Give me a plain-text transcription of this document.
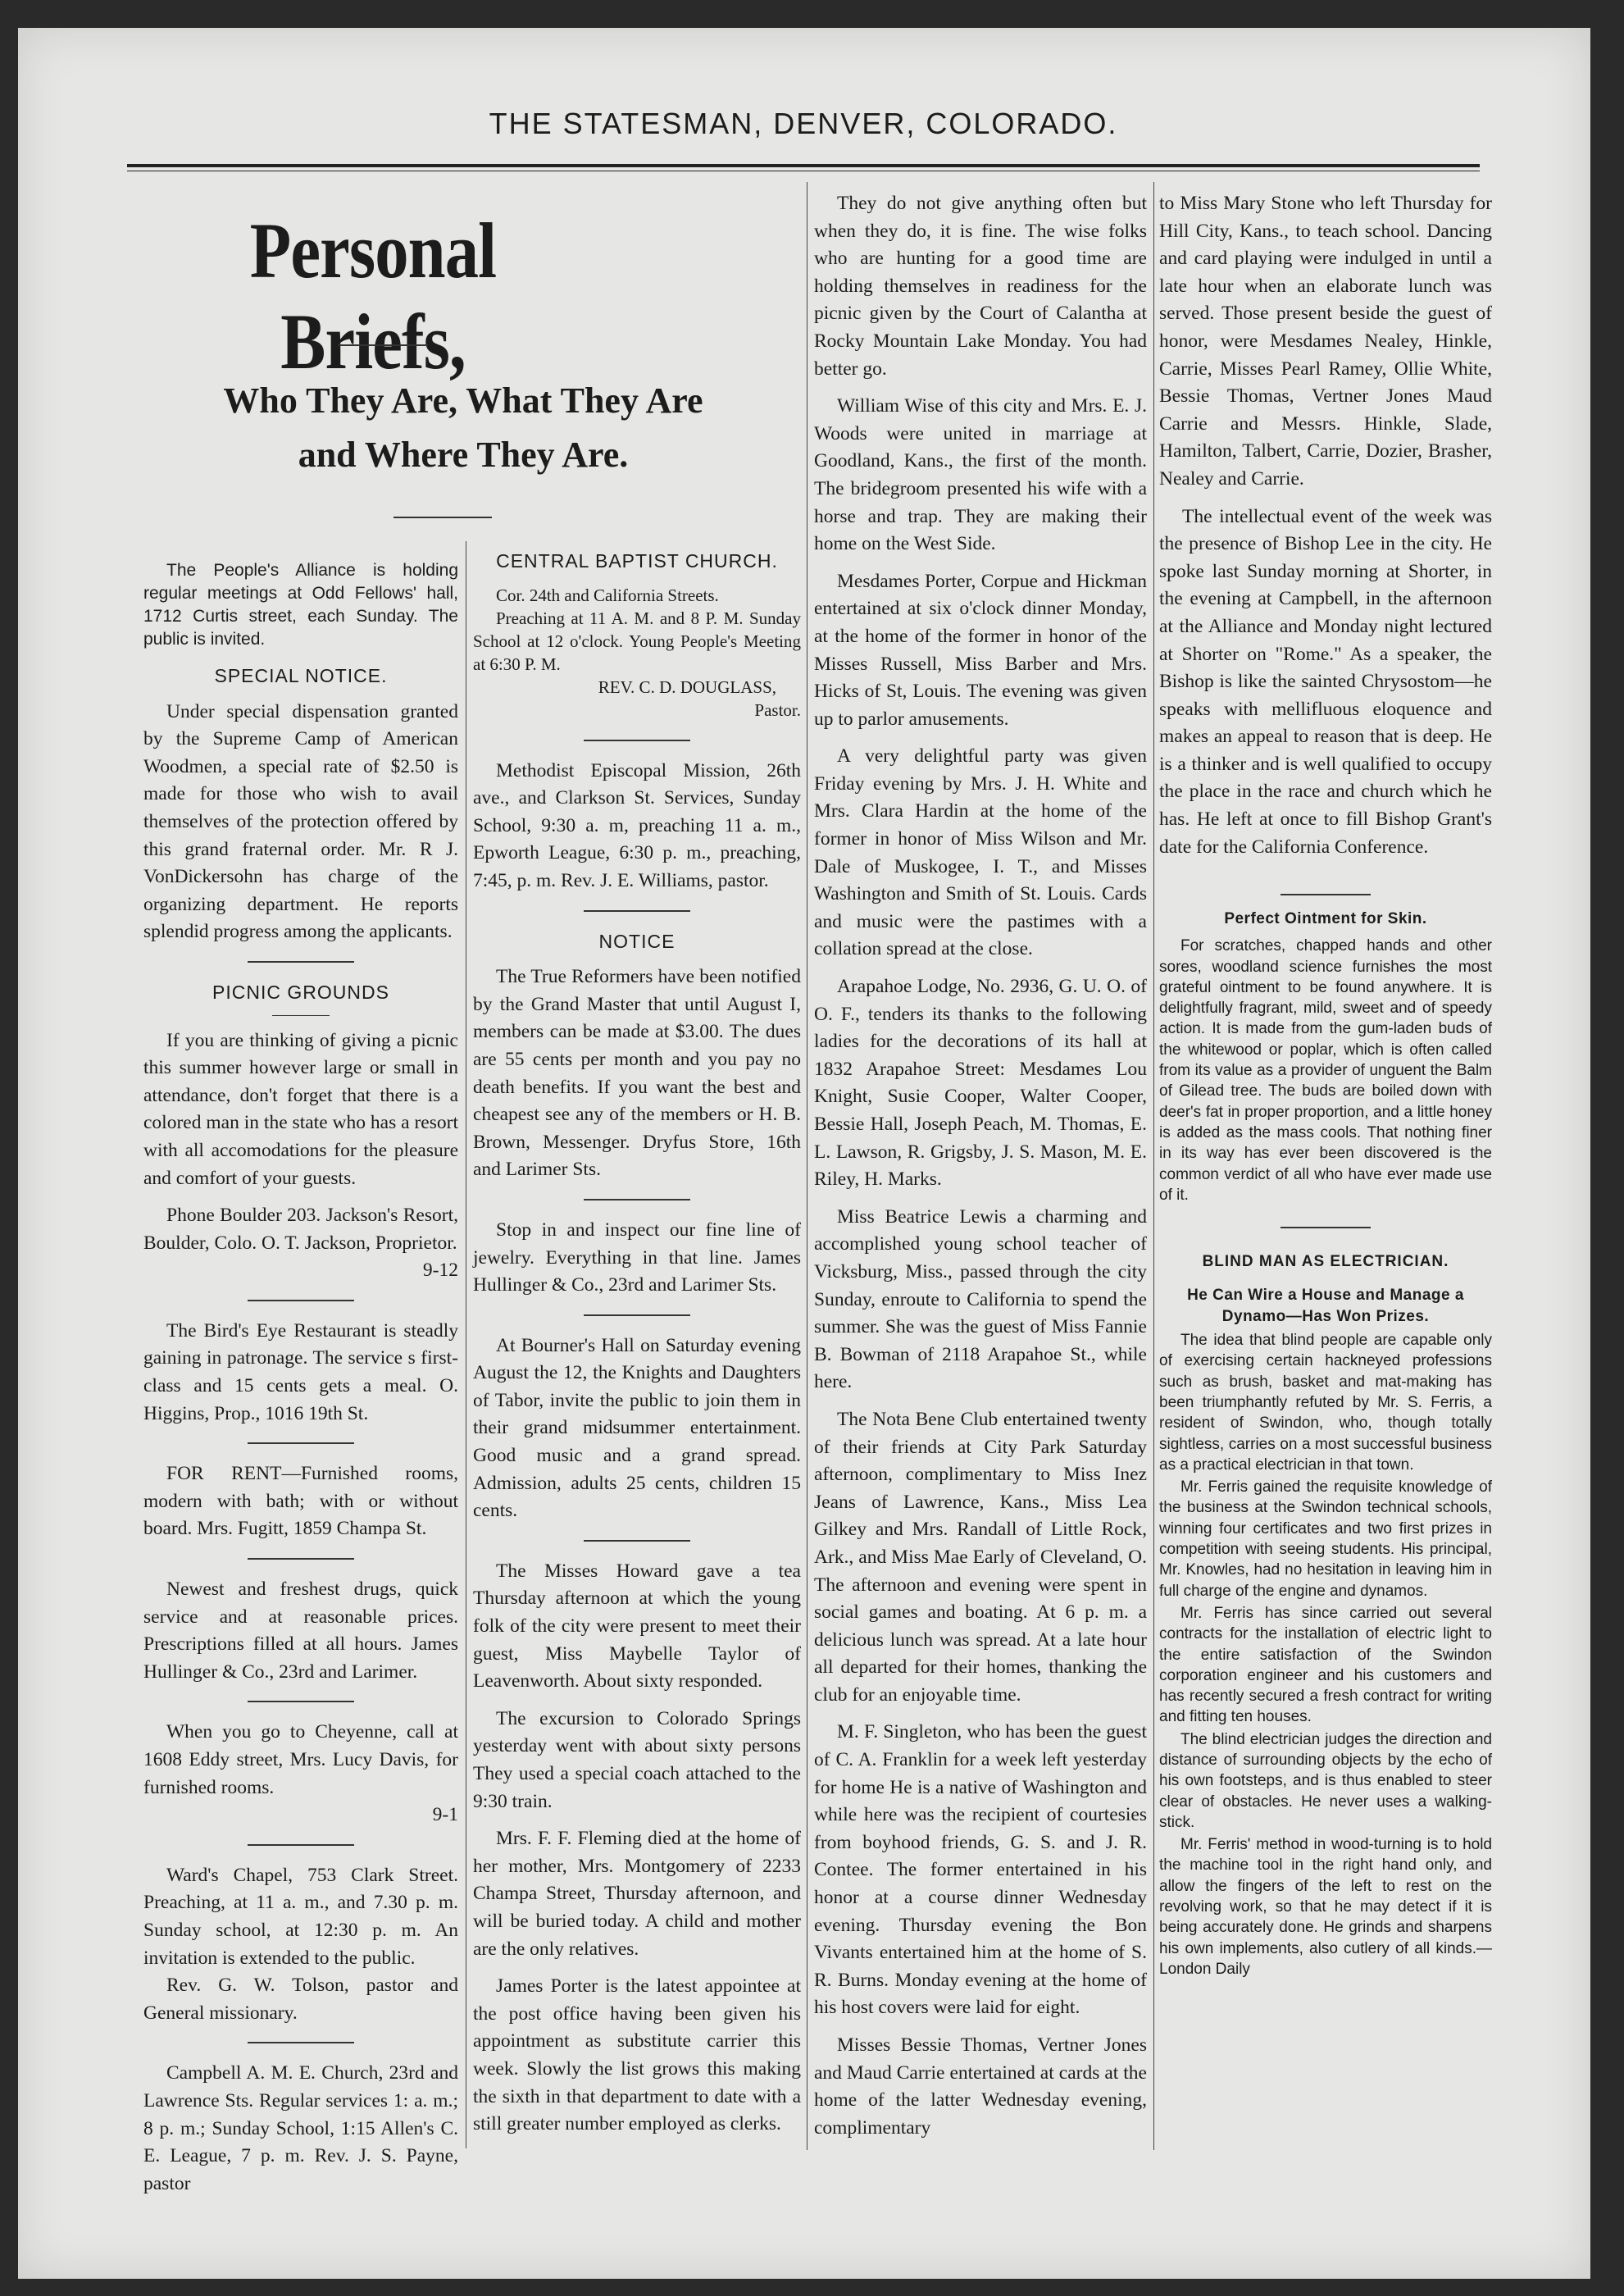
THE STATESMAN, DENVER, COLORADO.
Personal Briefs,
Who They Are, What They Are
and Where They Are.

The People's Alliance is holding regular meetings at Odd Fellows' hall, 1712 Curtis street, each Sunday. The public is invited.

SPECIAL NOTICE.

Under special dispensation granted by the Supreme Camp of American Woodmen, a special rate of $2.50 is made for those who wish to avail themselves of the protection offered by this grand fraternal order. Mr. R J. VonDickersohn has charge of the organizing department. He reports splendid progress among the applicants.

PICNIC GROUNDS

If you are thinking of giving a picnic this summer however large or small in attendance, don't forget that there is a colored man in the state who has a resort with all accomodations for the pleasure and comfort of your guests.

Phone Boulder 203. Jackson's Resort, Boulder, Colo. O. T. Jackson, Proprietor.

9-12

The Bird's Eye Restaurant is steadly gaining in patronage. The service s first-class and 15 cents gets a meal. O. Higgins, Prop., 1016 19th St.

FOR RENT—Furnished rooms, modern with bath; with or without board. Mrs. Fugitt, 1859 Champa St.

Newest and freshest drugs, quick service and at reasonable prices. Prescriptions filled at all hours. James Hullinger & Co., 23rd and Larimer.

When you go to Cheyenne, call at 1608 Eddy street, Mrs. Lucy Davis, for furnished rooms.

9-1

Ward's Chapel, 753 Clark Street. Preaching, at 11 a. m., and 7.30 p. m. Sunday school, at 12:30 p. m. An invitation is extended to the public.

Rev. G. W. Tolson, pastor and General missionary.

Campbell A. M. E. Church, 23rd and Lawrence Sts. Regular services 1: a. m.; 8 p. m.; Sunday School, 1:15 Allen's C. E. League, 7 p. m. Rev. J. S. Payne, pastor

CENTRAL BAPTIST CHURCH.

Cor. 24th and California Streets.

Preaching at 11 A. M. and 8 P. M. Sunday School at 12 o'clock. Young People's Meeting at 6:30 P. M.

REV. C. D. DOUGLASS,
Pastor.

Methodist Episcopal Mission, 26th ave., and Clarkson St. Services, Sunday School, 9:30 a. m, preaching 11 a. m., Epworth League, 6:30 p. m., preaching, 7:45, p. m. Rev. J. E. Williams, pastor.

NOTICE

The True Reformers have been notified by the Grand Master that until August I, members can be made at $3.00. The dues are 55 cents per month and you pay no death benefits. If you want the best and cheapest see any of the members or H. B. Brown, Messenger. Dryfus Store, 16th and Larimer Sts.

Stop in and inspect our fine line of jewelry. Everything in that line. James Hullinger & Co., 23rd and Larimer Sts.

At Bourner's Hall on Saturday evening August the 12, the Knights and Daughters of Tabor, invite the public to join them in their grand midsummer entertainment. Good music and a grand spread. Admission, adults 25 cents, children 15 cents.

The Misses Howard gave a tea Thursday afternoon at which the young folk of the city were present to meet their guest, Miss Maybelle Taylor of Leavenworth. About sixty responded.

The excursion to Colorado Springs yesterday went with about sixty persons They used a special coach attached to the 9:30 train.

Mrs. F. F. Fleming died at the home of her mother, Mrs. Montgomery of 2233 Champa Street, Thursday afternoon, and will be buried today. A child and mother are the only relatives.

James Porter is the latest appointee at the post office having been given his appointment as substitute carrier this week. Slowly the list grows this making the sixth in that department to date with a still greater number employed as clerks.

They do not give anything often but when they do, it is fine. The wise folks who are hunting for a good time are holding themselves in readiness for the picnic given by the Court of Calantha at Rocky Mountain Lake Monday. You had better go.

William Wise of this city and Mrs. E. J. Woods were united in marriage at Goodland, Kans., the first of the month. The bridegroom presented his wife with a horse and trap. They are making their home on the West Side.

Mesdames Porter, Corpue and Hickman entertained at six o'clock dinner Monday, at the home of the former in honor of the Misses Russell, Miss Barber and Mrs. Hicks of St, Louis. The evening was given up to parlor amusements.

A very delightful party was given Friday evening by Mrs. J. H. White and Mrs. Clara Hardin at the home of the former in honor of Miss Wilson and Mr. Dale of Muskogee, I. T., and Misses Washington and Smith of St. Louis. Cards and music were the pastimes with a collation spread at the close.

Arapahoe Lodge, No. 2936, G. U. O. of O. F., tenders its thanks to the following ladies for the decorations of its hall at 1832 Arapahoe Street: Mesdames Lou Knight, Susie Cooper, Walter Cooper, Bessie Hall, Joseph Peach, M. Thomas, E. L. Lawson, R. Grigsby, J. S. Mason, M. E. Riley, H. Marks.

Miss Beatrice Lewis a charming and accomplished young school teacher of Vicksburg, Miss., passed through the city Sunday, enroute to California to spend the summer. She was the guest of Miss Fannie B. Bowman of 2118 Arapahoe St., while here.

The Nota Bene Club entertained twenty of their friends at City Park Saturday afternoon, complimentary to Miss Inez Jeans of Lawrence, Kans., Miss Lea Gilkey and Mrs. Randall of Little Rock, Ark., and Miss Mae Early of Cleveland, O. The afternoon and evening were spent in social games and boating. At 6 p. m. a delicious lunch was spread. At a late hour all departed for their homes, thanking the club for an enjoyable time.

M. F. Singleton, who has been the guest of C. A. Franklin for a week left yesterday for home He is a native of Washington and while here was the recipient of courtesies from boyhood friends, G. S. and J. R. Contee. The former entertained in his honor at a course dinner Wednesday evening. Thursday evening the Bon Vivants entertained him at the home of S. R. Burns. Monday evening at the home of his host covers were laid for eight.

Misses Bessie Thomas, Vertner Jones and Maud Carrie entertained at cards at the home of the latter Wednesday evening, complimentary

to Miss Mary Stone who left Thursday for Hill City, Kans., to teach school. Dancing and card playing were indulged in until a late hour when an elaborate lunch was served. Those present beside the guest of honor, were Mesdames Nealey, Hinkle, Carrie, Misses Pearl Ramey, Ollie White, Bessie Thomas, Vertner Jones Maud Carrie and Messrs. Hinkle, Slade, Hamilton, Talbert, Carrie, Dozier, Brasher, Nealey and Carrie.

The intellectual event of the week was the presence of Bishop Lee in the city. He spoke last Sunday morning at Shorter, in the evening at Campbell, in the afternoon at the Alliance and Monday night lectured at Shorter on "Rome." As a speaker, the Bishop is like the sainted Chrysostom—he speaks with mellifluous eloquence and makes an appeal to reason that is deep. He is a thinker and is well qualified to occupy the place in the race and church which he has. He left at once to fill Bishop Grant's date for the California Conference.

Perfect Ointment for Skin.

For scratches, chapped hands and other sores, woodland science furnishes the most grateful ointment to be found anywhere. It is delightfully fragrant, mild, sweet and of speedy action. It is made from the gum-laden buds of the whitewood or poplar, which is often called from its value as a provider of unguent the Balm of Gilead tree. The buds are boiled down with deer's fat in proper proportion, and a little honey is added as the mass cools. That nothing finer in its way has ever been discovered is the common verdict of all who have ever made use of it.

BLIND MAN AS ELECTRICIAN.
He Can Wire a House and Manage a Dynamo—Has Won Prizes.

The idea that blind people are capable only of exercising certain hackneyed professions such as brush, basket and mat-making has been triumphantly refuted by Mr. S. Ferris, a resident of Swindon, who, though totally sightless, carries on a most successful business as a practical electrician in that town.

Mr. Ferris gained the requisite knowledge of the business at the Swindon technical schools, winning four certificates and two first prizes in competition with seeing students. His principal, Mr. Knowles, had no hesitation in leaving him in full charge of the engine and dynamos.

Mr. Ferris has since carried out several contracts for the installation of electric light to the entire satisfaction of the Swindon corporation engineer and his customers and has recently secured a fresh contract for writing and fitting ten houses.

The blind electrician judges the direction and distance of surrounding objects by the echo of his own footsteps, and is thus enabled to steer clear of obstacles. He never uses a walking-stick.

Mr. Ferris' method in wood-turning is to hold the machine tool in the right hand only, and allow the fingers of the left to rest on the revolving work, so that he may detect if it is being accurately done. He grinds and sharpens his own implements, also cutlery of all kinds.—London Daily
